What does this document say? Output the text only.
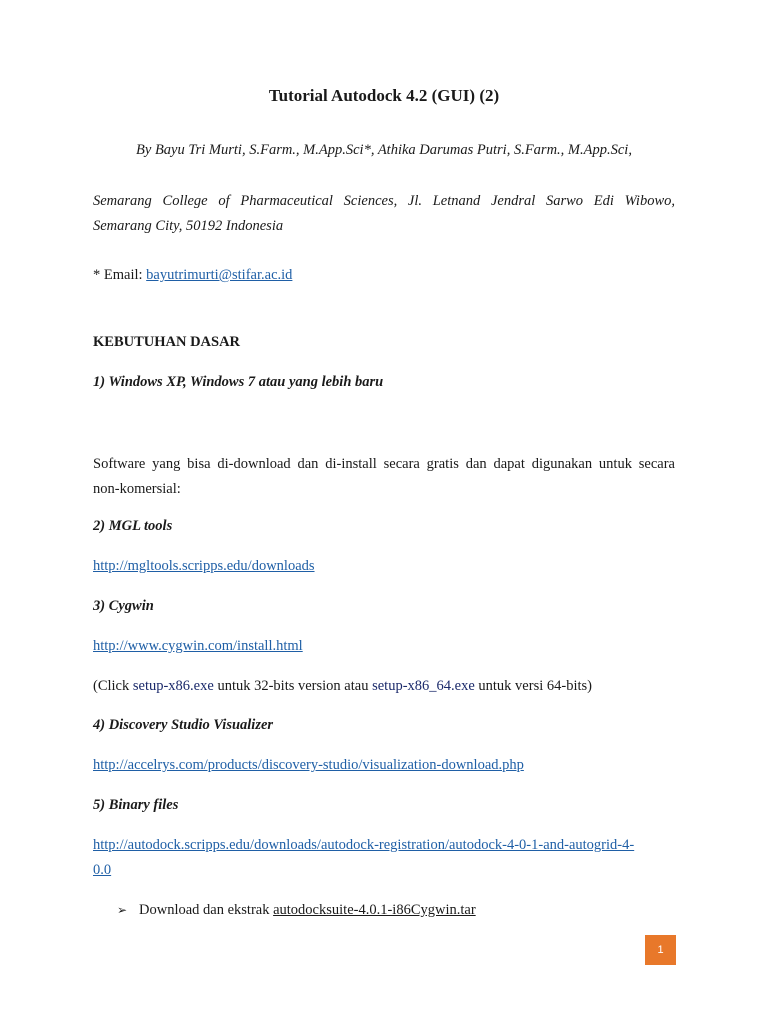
Tutorial Autodock 4.2 (GUI) (2)
By Bayu Tri Murti, S.Farm., M.App.Sci*, Athika Darumas Putri, S.Farm., M.App.Sci,
Semarang College of Pharmaceutical Sciences, Jl. Letnand Jendral Sarwo Edi Wibowo,
Semarang City, 50192 Indonesia
* Email: bayutrimurti@stifar.ac.id
KEBUTUHAN DASAR
1) Windows XP, Windows 7 atau yang lebih baru
Software yang bisa di-download dan di-install secara gratis dan dapat digunakan untuk secara
non-komersial:
2) MGL tools
http://mgltools.scripps.edu/downloads
3) Cygwin
http://www.cygwin.com/install.html
(Click setup-x86.exe untuk 32-bits version atau setup-x86_64.exe untuk versi 64-bits)
4) Discovery Studio Visualizer
http://accelrys.com/products/discovery-studio/visualization-download.php
5) Binary files
http://autodock.scripps.edu/downloads/autodock-registration/autodock-4-0-1-and-autogrid-4-
0.0
➢ Download dan ekstrak autodocksuite-4.0.1-i86Cygwin.tar
1
